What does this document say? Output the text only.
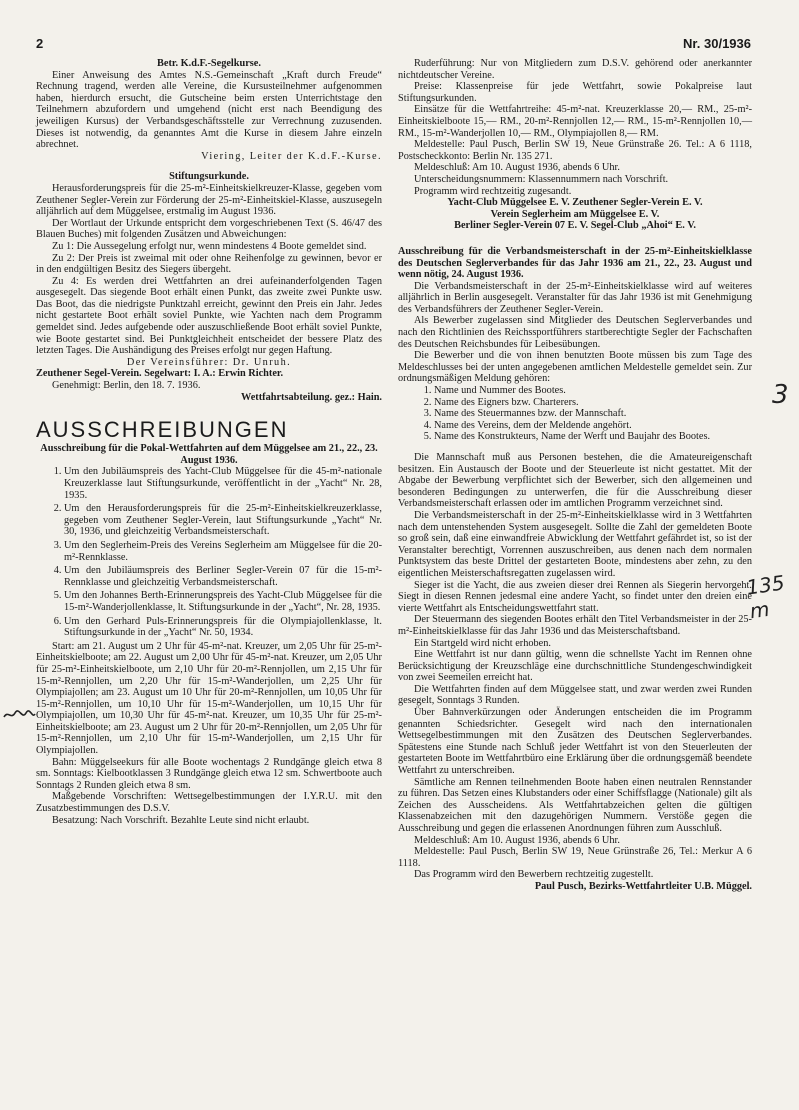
2	Nr. 30/1936

Betr. K.d.F.-Segelkurse.

Einer Anweisung des Amtes N.S.-Gemeinschaft „Kraft durch Freude“ Rechnung tragend, werden alle Vereine, die Kursusteilnehmer aufgenommen haben, hierdurch ersucht, die Gutscheine beim ersten Unterrichtstage den Teilnehmern abzufordern und umgehend (nicht erst nach Beendigung des jeweiligen Kursus) der Verbandsgeschäftsstelle zur Verrechnung zuzusenden. Dieses ist notwendig, da genanntes Amt die Kurse in diesem Jahre einzeln abrechnet.

Viering, Leiter der K.d.F.-Kurse.

Stiftungsurkunde.

Herausforderungspreis für die 25-m²-Einheitskielkreuzer-Klasse, gegeben vom Zeuthener Segler-Verein zur Förderung der 25-m²-Einheitskiel-Klasse, auszusegeln alljährlich auf dem Müggelsee, erstmalig im August 1936.

Der Wortlaut der Urkunde entspricht dem vorgeschriebenen Text (S. 46/47 des Blauen Buches) mit folgenden Zusätzen und Abweichungen:

Zu 1: Die Aussegelung erfolgt nur, wenn mindestens 4 Boote gemeldet sind.

Zu 2: Der Preis ist zweimal mit oder ohne Reihenfolge zu gewinnen, bevor er in den endgültigen Besitz des Siegers übergeht.

Zu 4: Es werden drei Wettfahrten an drei aufeinanderfolgenden Tagen ausgesegelt. Das siegende Boot erhält einen Punkt, das zweite zwei Punkte usw. Das Boot, das die niedrigste Punktzahl erreicht, gewinnt den Preis ein Jahr. Jedes nicht gestartete Boot erhält soviel Punkte, wie Yachten nach dem Programm gemeldet sind. Jedes aufgebende oder auszuschließende Boot erhält soviel Punkte, wie Boote gestartet sind. Bei Punktgleichheit entscheidet der bessere Platz des letzten Tages. Die Aushändigung des Preises erfolgt nur gegen Haftung.

Der Vereinsführer: Dr. Unruh.

Zeuthener Segel-Verein. Segelwart: I. A.: Erwin Richter.

Genehmigt: Berlin, den 18. 7. 1936.

Wettfahrtsabteilung. gez.: Hain.

AUSSCHREIBUNGEN

Ausschreibung für die Pokal-Wettfahrten auf dem Müggelsee am 21., 22., 23. August 1936.

1. Um den Jubiläumspreis des Yacht-Club Müggelsee für die 45-m²-nationale Kreuzerklasse laut Stiftungsurkunde, veröffentlicht in der „Yacht“ Nr. 28, 1935.
2. Um den Herausforderungspreis für die 25-m²-Einheitskielkreuzerklasse, gegeben vom Zeuthener Segler-Verein, laut Stiftungsurkunde „Yacht“ Nr. 30, 1936, und gleichzeitig Verbandsmeisterschaft.
3. Um den Seglerheim-Preis des Vereins Seglerheim am Müggelsee für die 20-m²-Rennklasse.
4. Um den Jubiläumspreis des Berliner Segler-Verein 07 für die 15-m²-Rennklasse und gleichzeitig Verbandsmeisterschaft.
5. Um den Johannes Berth-Erinnerungspreis des Yacht-Club Müggelsee für die 15-m²-Wanderjollenklasse, lt. Stiftungsurkunde in der „Yacht“, Nr. 28, 1935.
6. Um den Gerhard Puls-Erinnerungspreis für die Olympiajollenklasse, lt. Stiftungsurkunde in der „Yacht“ Nr. 50, 1934.

Start: am 21. August um 2 Uhr für 45-m²-nat. Kreuzer, um 2,05 Uhr für 25-m²-Einheitskielboote; am 22. August um 2,00 Uhr für 45-m²-nat. Kreuzer, um 2,05 Uhr für 25-m²-Einheitskielboote, um 2,10 Uhr für 20-m²-Rennjollen, um 2,15 Uhr für 15-m²-Rennjollen, um 2,20 Uhr für 15-m²-Wanderjollen, um 2,25 Uhr für Olympiajollen; am 23. August um 10 Uhr für 20-m²-Rennjollen, um 10,05 Uhr für 15-m²-Rennjollen, um 10,10 Uhr für 15-m²-Wanderjollen, um 10,15 Uhr für Olympiajollen, um 10,30 Uhr für 45-m²-nat. Kreuzer, um 10,35 Uhr für 25-m²-Einheitskielboote; am 23. August um 2 Uhr für 20-m²-Rennjollen, um 2,05 Uhr für 15-m²-Rennjollen, um 2,10 Uhr für 15-m²-Wanderjollen, um 2,15 Uhr für Olympiajollen.

Bahn: Müggelseekurs für alle Boote wochentags 2 Rundgänge gleich etwa 8 sm. Sonntags: Kielbootklassen 3 Rundgänge gleich etwa 12 sm. Schwertboote auch Sonntags 2 Runden gleich etwa 8 sm.

Maßgebende Vorschriften: Wettsegelbestimmungen der I.Y.R.U. mit den Zusatzbestimmungen des D.S.V.

Besatzung: Nach Vorschrift. Bezahlte Leute sind nicht erlaubt.

Ruderführung: Nur von Mitgliedern zum D.S.V. gehörend oder anerkannter nichtdeutscher Vereine.

Preise: Klassenpreise für jede Wettfahrt, sowie Pokalpreise laut Stiftungsurkunden.

Einsätze für die Wettfahrtreihe: 45-m²-nat. Kreuzerklasse 20,— RM., 25-m²-Einheitskielboote 15,— RM., 20-m²-Rennjollen 12,— RM., 15-m²-Rennjollen 10,— RM., 15-m²-Wanderjollen 10,— RM., Olympiajollen 8,— RM.

Meldestelle: Paul Pusch, Berlin SW 19, Neue Grünstraße 26. Tel.: A 6 1118, Postscheckkonto: Berlin Nr. 135 271.

Meldeschluß: Am 10. August 1936, abends 6 Uhr.

Unterscheidungsnummern: Klassennummern nach Vorschrift.

Programm wird rechtzeitig zugesandt.

Yacht-Club Müggelsee E. V. Zeuthener Segler-Verein E. V.

Verein Seglerheim am Müggelsee E. V.

Berliner Segler-Verein 07 E. V. Segel-Club „Ahoi“ E. V.

Ausschreibung für die Verbandsmeisterschaft in der 25-m²-Einheitskielklasse des Deutschen Seglerverbandes für das Jahr 1936 am 21., 22., 23. August und wenn nötig, 24. August 1936.

Die Verbandsmeisterschaft in der 25-m²-Einheitskielklasse wird auf weiteres alljährlich in Berlin ausgesegelt. Veranstalter für das Jahr 1936 ist mit Genehmigung des Verbandsführers der Zeuthener Segler-Verein.

Als Bewerber zugelassen sind Mitglieder des Deutschen Seglerverbandes und nach den Richtlinien des Reichssportführers startberechtigte Segler der Fachschaften des Deutschen Reichsbundes für Leibesübungen.

Die Bewerber und die von ihnen benutzten Boote müssen bis zum Tage des Meldeschlusses bei der unten angegebenen amtlichen Meldestelle gemeldet sein. Zur ordnungsmäßigen Meldung gehören:

1. Name und Nummer des Bootes.
2. Name des Eigners bzw. Charterers.
3. Name des Steuermannes bzw. der Mannschaft.
4. Name des Vereins, dem der Meldende angehört.
5. Name des Konstrukteurs, Name der Werft und Baujahr des Bootes.

Die Mannschaft muß aus Personen bestehen, die die Amateureigenschaft besitzen. Ein Austausch der Boote und der Steuerleute ist nicht gestattet. Mit der Abgabe der Bewerbung verpflichtet sich der Bewerber, sich den allgemeinen und besonderen Bedingungen zu unterwerfen, die für die Ausschreibung dieser Verbandsmeisterschaft erlassen oder im amtlichen Programm verzeichnet sind.

Die Verbandsmeisterschaft in der 25-m²-Einheitskielklasse wird in 3 Wettfahrten nach dem untenstehenden System ausgesegelt. Sollte die Zahl der gemeldeten Boote so groß sein, daß eine einwandfreie Abwicklung der Wettfahrt gefährdet ist, so ist der Veranstalter berechtigt, Vorrennen auszuschreiben, aus denen nach dem normalen Punktsystem das beste Drittel der gestarteten Boote, mindestens aber zehn, zu den eigentlichen Meisterschaftsregatten zugelassen wird.

Sieger ist die Yacht, die aus zweien dieser drei Rennen als Siegerin hervorgeht. Siegt in diesen Rennen jedesmal eine andere Yacht, so findet unter den dreien eine vierte Wettfahrt als Entscheidungswettfahrt statt.

Der Steuermann des siegenden Bootes erhält den Titel Verbandsmeister in der 25-m²-Einheitskielklasse für das Jahr 1936 und das Meisterschaftsband.

Ein Startgeld wird nicht erhoben.

Eine Wettfahrt ist nur dann gültig, wenn die schnellste Yacht im Rennen ohne Berücksichtigung der Kreuzschläge eine durchschnittliche Stundengeschwindigkeit von zwei Seemeilen erreicht hat.

Die Wettfahrten finden auf dem Müggelsee statt, und zwar werden zwei Runden gesegelt, Sonntags 3 Runden.

Über Bahnverkürzungen oder Änderungen entscheiden die im Programm genannten Schiedsrichter. Gesegelt wird nach den internationalen Wettsegelbestimmungen mit den Zusätzen des Deutschen Seglerverbandes. Spätestens eine Stunde nach Schluß jeder Wettfahrt ist von den Steuerleuten der gestarteten Boote im Wettfahrtbüro eine Erklärung über die ordnungsgemäß beendete Wettfahrt zu unterschreiben.

Sämtliche am Rennen teilnehmenden Boote haben einen neutralen Rennstander zu führen. Das Setzen eines Klubstanders oder einer Schiffsflagge (Nationale) gilt als Zeichen des Ausscheidens. Als Wettfahrtabzeichen gelten die gültigen Klassenabzeichen mit den dazugehörigen Nummern. Verstöße gegen die Ausschreibung und gegen die erlassenen Anordnungen führen zum Ausschluß.

Meldeschluß: Am 10. August 1936, abends 6 Uhr.

Meldestelle: Paul Pusch, Berlin SW 19, Neue Grünstraße 26, Tel.: Merkur A 6 1118.

Das Programm wird den Bewerbern rechtzeitig zugestellt.

Paul Pusch, Bezirks-Wettfahrtleiter U.B. Müggel.

3
135 m
